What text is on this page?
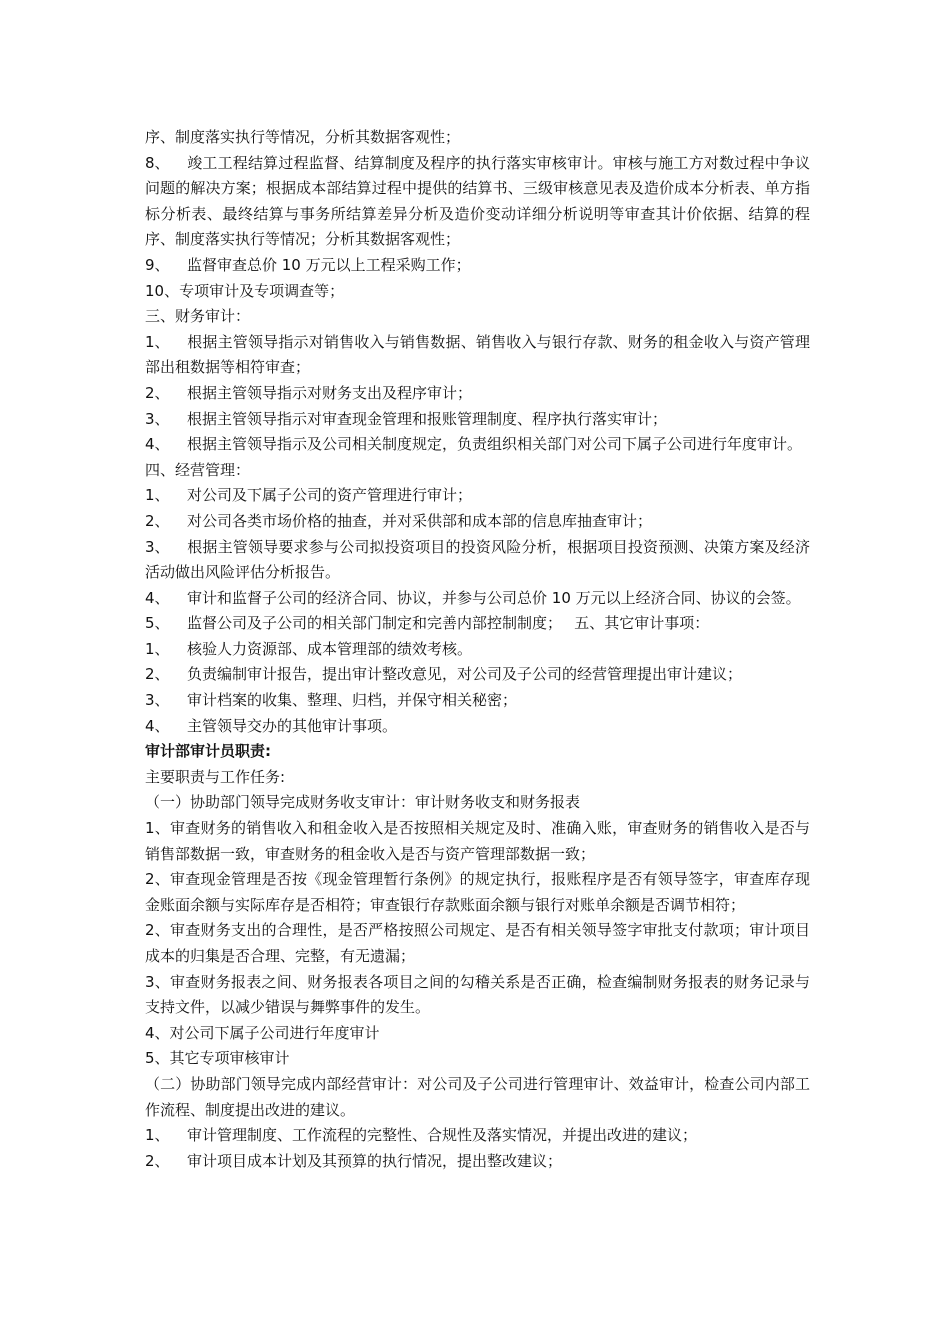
序、制度落实执行等情况，分析其数据客观性；

8、 竣工工程结算过程监督、结算制度及程序的执行落实审核审计。审核与施工方对数过程中争议问题的解决方案；根据成本部结算过程中提供的结算书、三级审核意见表及造价成本分析表、单方指标分析表、最终结算与事务所结算差异分析及造价变动详细分析说明等审查其计价依据、结算的程序、制度落实执行等情况；分析其数据客观性；

9、 监督审查总价 10 万元以上工程采购工作；

10、专项审计及专项调查等；

三、财务审计：

1、 根据主管领导指示对销售收入与销售数据、销售收入与银行存款、财务的租金收入与资产管理部出租数据等相符审查；

2、 根据主管领导指示对财务支出及程序审计；

3、 根据主管领导指示对审查现金管理和报账管理制度、程序执行落实审计；

4、 根据主管领导指示及公司相关制度规定，负责组织相关部门对公司下属子公司进行年度审计。

四、经营管理：

1、 对公司及下属子公司的资产管理进行审计；

2、 对公司各类市场价格的抽查，并对采供部和成本部的信息库抽查审计；

3、 根据主管领导要求参与公司拟投资项目的投资风险分析，根据项目投资预测、决策方案及经济活动做出风险评估分析报告。

4、 审计和监督子公司的经济合同、协议，并参与公司总价 10 万元以上经济合同、协议的会签。

5、 监督公司及子公司的相关部门制定和完善内部控制制度；　 五、其它审计事项：

1、 核验人力资源部、成本管理部的绩效考核。

2、 负责编制审计报告，提出审计整改意见，对公司及子公司的经营管理提出审计建议；

3、 审计档案的收集、整理、归档，并保守相关秘密；

4、 主管领导交办的其他审计事项。

审计部审计员职责:

主要职责与工作任务:

（一）协助部门领导完成财务收支审计：审计财务收支和财务报表

1、审查财务的销售收入和租金收入是否按照相关规定及时、准确入账，审查财务的销售收入是否与销售部数据一致，审查财务的租金收入是否与资产管理部数据一致；

2、审查现金管理是否按《现金管理暂行条例》的规定执行，报账程序是否有领导签字，审查库存现金账面余额与实际库存是否相符；审查银行存款账面余额与银行对账单余额是否调节相符；

2、审查财务支出的合理性，是否严格按照公司规定、是否有相关领导签字审批支付款项；审计项目成本的归集是否合理、完整，有无遗漏；

3、审查财务报表之间、财务报表各项目之间的勾稽关系是否正确，检查编制财务报表的财务记录与支持文件，以减少错误与舞弊事件的发生。

4、对公司下属子公司进行年度审计

5、其它专项审核审计

（二）协助部门领导完成内部经营审计：对公司及子公司进行管理审计、效益审计，检查公司内部工作流程、制度提出改进的建议。

1、 审计管理制度、工作流程的完整性、合规性及落实情况，并提出改进的建议；

2、 审计项目成本计划及其预算的执行情况，提出整改建议；
